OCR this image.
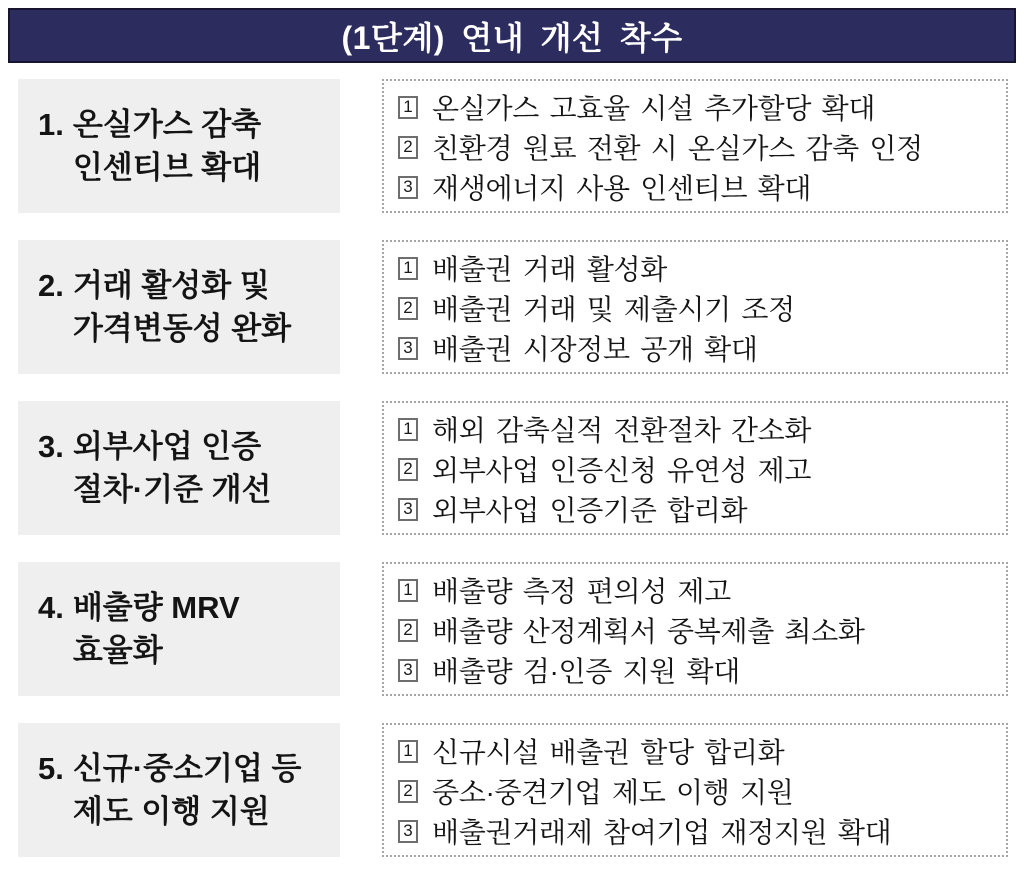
(1단계) 연내 개선 착수
1. 온실가스 감축
인센티브 확대
1 온실가스 고효율 시설 추가할당 확대
2 친환경 원료 전환 시 온실가스 감축 인정
3 재생에너지 사용 인센티브 확대
2. 거래 활성화 및
가격변동성 완화
1 배출권 거래 활성화
2 배출권 거래 및 제출시기 조정
3 배출권 시장정보 공개 확대
3. 외부사업 인증
절차·기준 개선
1 해외 감축실적 전환절차 간소화
2 외부사업 인증신청 유연성 제고
3 외부사업 인증기준 합리화
4. 배출량 MRV
효율화
1 배출량 측정 편의성 제고
2 배출량 산정계획서 중복제출 최소화
3 배출량 검·인증 지원 확대
5. 신규·중소기업 등
제도 이행 지원
1 신규시설 배출권 할당 합리화
2 중소·중견기업 제도 이행 지원
3 배출권거래제 참여기업 재정지원 확대
